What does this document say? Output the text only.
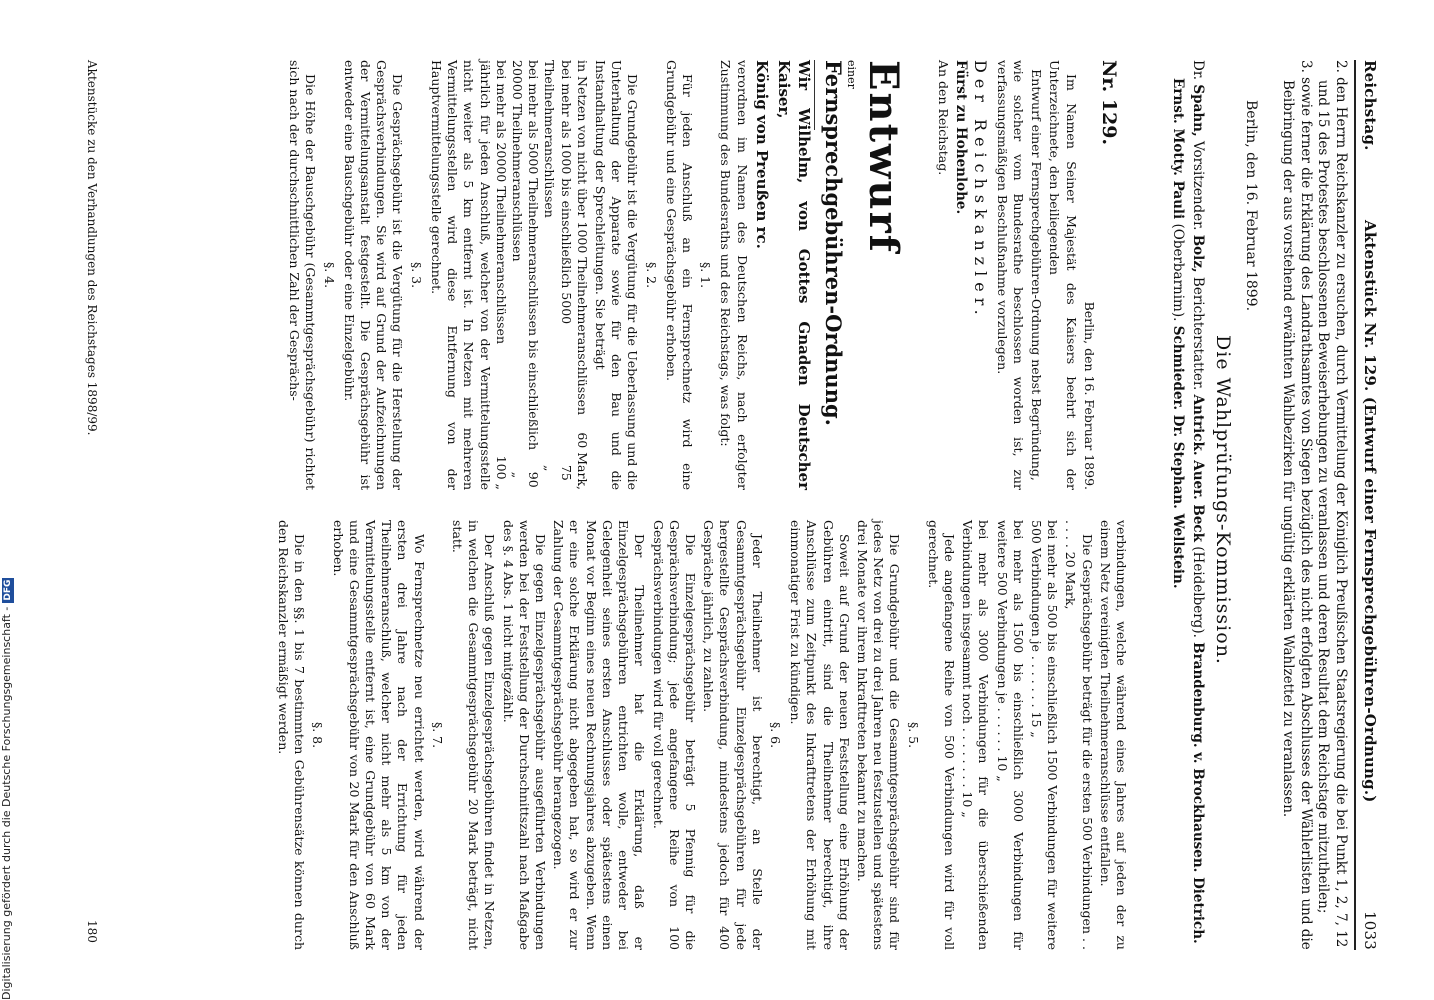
Reichstag.
Aktenstück Nr. 129. (Entwurf einer Fernsprechgebühren-Ordnung.)
1033

2. den Herrn Reichskanzler zu ersuchen, durch Vermittelung der Königlich Preußischen Staatsregierung die bei Punkt 1, 2, 7, 12 und 15 des Protestes beschlossenen Beweiserhebungen zu veranlassen und deren Resultat dem Reichstage mitzutheilen;

3. sowie ferner die Erklärung des Landrathsamtes von Siegen bezüglich des nicht erfolgten Abschlusses der Wählerlisten und die Beibringung der aus vorstehend erwähnten Wahlbezirken für ungültig erklärten Wahlzettel zu veranlassen.

Berlin, den 16. Februar 1899.
Die Wahlprüfungs-Kommission.
Dr. Spahn, Vorsitzender. Bolz, Berichterstatter. Antrick. Auer. Beck (Heidelberg). Brandenburg. v. Brockhausen. Dietrich. Ernst. Motty. Pauli (Oberbarnim). Schmieder. Dr. Stephan. Wellstein.

Nr. 129.

Berlin, den 16. Februar 1899.

Im Namen Seiner Majestät des Kaisers beehrt sich der Unterzeichnete, den beiliegenden

Entwurf einer Fernsprechgebühren-Ordnung nebst Begründung,

wie solcher vom Bundesrathe beschlossen worden ist, zur verfassungsmäßigen Beschlußnahme vorzulegen.

Der Reichskanzler.

Fürst zu Hohenlohe.

An den Reichstag.

Entwurf

einer

Fernsprechgebühren-Ordnung.

Wir Wilhelm, von Gottes Gnaden Deutscher Kaiser,

König von Preußen rc.

verordnen im Namen des Deutschen Reichs, nach erfolgter Zustimmung des Bundesraths und des Reichstags, was folgt:

§. 1.

Für jeden Anschluß an ein Fernsprechnetz wird eine Grundgebühr und eine Gesprächsgebühr erhoben.

§. 2.

Die Grundgebühr ist die Vergütung für die Ueberlassung und die Unterhaltung der Apparate sowie für den Bau und die Instandhaltung der Sprechleitungen. Sie beträgt

in Netzen von nicht über 1000 Theilnehmeranschlüssen
60 Mark,
bei mehr als 1000 bis einschließlich 5000 Theilnehmeranschlüssen
75 „
bei mehr als 5000 Theilnehmeranschlüssen bis einschließlich 20000 Theilnehmeranschlüssen
90 „
bei mehr als 20000 Theilnehmeranschlüssen
100 „

jährlich für jeden Anschluß, welcher von der Vermittelungsstelle nicht weiter als 5 km entfernt ist. In Netzen mit mehreren Vermittelungsstellen wird diese Entfernung von der Hauptvermittelungsstelle gerechnet.

§. 3.

Die Gesprächsgebühr ist die Vergütung für die Herstellung der Gesprächsverbindungen. Sie wird auf Grund der Aufzeichnungen der Vermittelungsanstalt festgestellt. Die Gesprächsgebühr ist entweder eine Bauschgebühr oder eine Einzelgebühr.

§. 4.

Die Höhe der Bauschgebühr (Gesammtgesprächsgebühr) richtet sich nach der durchschnittlichen Zahl der Gesprächs-

verbindungen, welche während eines Jahres auf jeden der zu einem Netz vereinigten Theilnehmeranschlüsse entfallen.

Die Gesprächsgebühr beträgt für die ersten 500 Verbindungen . . . . . . 20 Mark,

bei mehr als 500 bis einschließlich 1500 Verbindungen für weitere 500 Verbindungen je . . . . . . . 15 „

bei mehr als 1500 bis einschließlich 3000 Verbindungen für weitere 500 Verbindungen je . . . . . . 10 „

bei mehr als 3000 Verbindungen für die überschießenden Verbindungen insgesammt noch . . . . . . . . 10 „

Jede angefangene Reihe von 500 Verbindungen wird für voll gerechnet.

§. 5.

Die Grundgebühr und die Gesammtgesprächsgebühr sind für jedes Netz von drei zu drei Jahren neu festzustellen und spätestens drei Monate vor ihrem Inkrafttreten bekannt zu machen.

Soweit auf Grund der neuen Feststellung eine Erhöhung der Gebühren eintritt, sind die Theilnehmer berechtigt, ihre Anschlüsse zum Zeitpunkt des Inkrafttretens der Erhöhung mit einmonatiger Frist zu kündigen.

§. 6.

Jeder Theilnehmer ist berechtigt, an Stelle der Gesammtgesprächsgebühr Einzelgesprächsgebühren für jede hergestellte Gesprächsverbindung, mindestens jedoch für 400 Gespräche jährlich, zu zahlen.

Die Einzelgesprächsgebühr beträgt 5 Pfennig für die Gesprächsverbindung; jede angefangene Reihe von 100 Gesprächsverbindungen wird für voll gerechnet.

Der Theilnehmer hat die Erklärung, daß er Einzelgesprächsgebühren entrichten wolle, entweder bei Gelegenheit seines ersten Anschlusses oder spätestens einen Monat vor Beginn eines neuen Rechnungsjahres abzugeben. Wenn er eine solche Erklärung nicht abgegeben hat, so wird er zur Zahlung der Gesammtgesprächsgebühr herangezogen.

Die gegen Einzelgesprächsgebühr ausgeführten Verbindungen werden bei der Feststellung der Durchschnittszahl nach Maßgabe des §. 4 Abs. 1 nicht mitgezählt.

Der Anschluß gegen Einzelgesprächsgebühren findet in Netzen, in welchen die Gesammtgesprächsgebühr 20 Mark beträgt, nicht statt.

§. 7.

Wo Fernsprechnetze neu errichtet werden, wird während der ersten drei Jahre nach der Errichtung für jeden Theilnehmeranschluß, welcher nicht mehr als 5 km von der Vermittelungsstelle entfernt ist, eine Grundgebühr von 60 Mark und eine Gesammtgesprächsgebühr von 20 Mark für den Anschluß erhoben.

§. 8.

Die in den §§. 1 bis 7 bestimmten Gebührensätze können durch den Reichskanzler ermäßigt werden.

Aktenstücke zu den Verhandlungen des Reichstages 1898/99.
180
Digitalisierung gefördert durch die Deutsche Forschungsgemeinschaft -DFG
